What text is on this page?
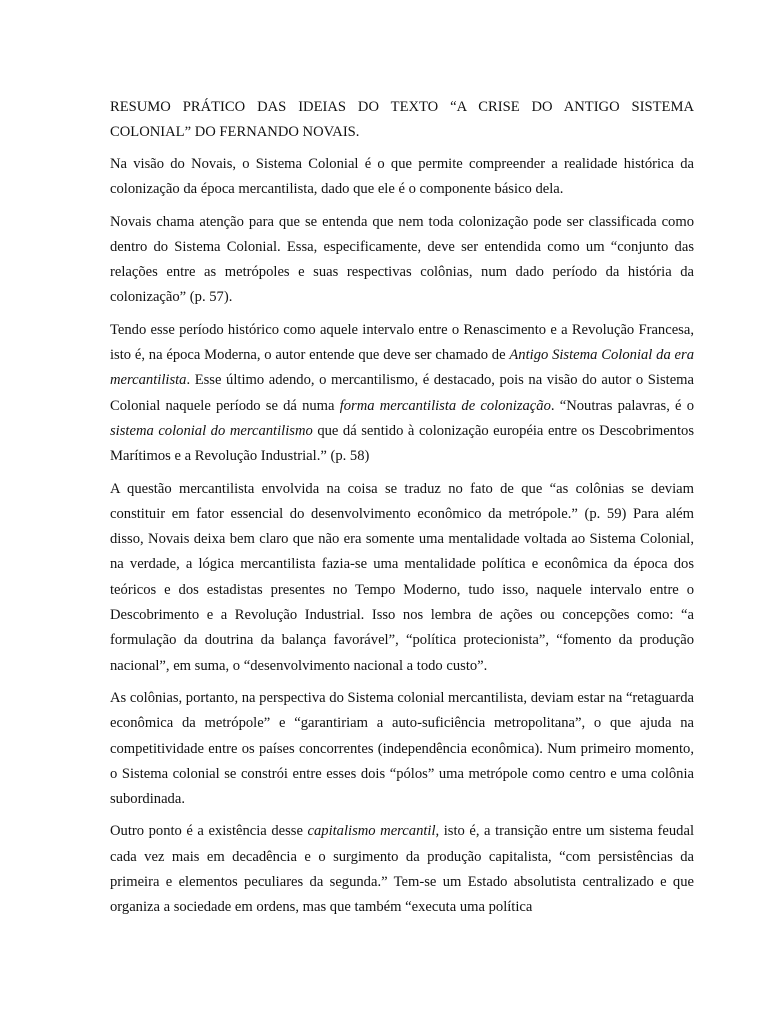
RESUMO PRÁTICO DAS IDEIAS DO TEXTO “A CRISE DO ANTIGO SISTEMA COLONIAL” DO FERNANDO NOVAIS.

Na visão do Novais, o Sistema Colonial é o que permite compreender a realidade histórica da colonização da época mercantilista, dado que ele é o componente básico dela.

Novais chama atenção para que se entenda que nem toda colonização pode ser classificada como dentro do Sistema Colonial. Essa, especificamente, deve ser entendida como um “conjunto das relações entre as metrópoles e suas respectivas colônias, num dado período da história da colonização” (p. 57).

Tendo esse período histórico como aquele intervalo entre o Renascimento e a Revolução Francesa, isto é, na época Moderna, o autor entende que deve ser chamado de Antigo Sistema Colonial da era mercantilista. Esse último adendo, o mercantilismo, é destacado, pois na visão do autor o Sistema Colonial naquele período se dá numa forma mercantilista de colonização. “Noutras palavras, é o sistema colonial do mercantilismo que dá sentido à colonização européia entre os Descobrimentos Marítimos e a Revolução Industrial.” (p. 58)

A questão mercantilista envolvida na coisa se traduz no fato de que “as colônias se deviam constituir em fator essencial do desenvolvimento econômico da metrópole.” (p. 59) Para além disso, Novais deixa bem claro que não era somente uma mentalidade voltada ao Sistema Colonial, na verdade, a lógica mercantilista fazia-se uma mentalidade política e econômica da época dos teóricos e dos estadistas presentes no Tempo Moderno, tudo isso, naquele intervalo entre o Descobrimento e a Revolução Industrial. Isso nos lembra de ações ou concepções como: “a formulação da doutrina da balança favorável”, “política protecionista”, “fomento da produção nacional”, em suma, o “desenvolvimento nacional a todo custo”.

As colônias, portanto, na perspectiva do Sistema colonial mercantilista, deviam estar na “retaguarda econômica da metrópole” e “garantiriam a auto-suficiência metropolitana”, o que ajuda na competitividade entre os países concorrentes (independência econômica). Num primeiro momento, o Sistema colonial se constrói entre esses dois “pólos” uma metrópole como centro e uma colônia subordinada.

Outro ponto é a existência desse capitalismo mercantil, isto é, a transição entre um sistema feudal cada vez mais em decadência e o surgimento da produção capitalista, “com persistências da primeira e elementos peculiares da segunda.” Tem-se um Estado absolutista centralizado e que organiza a sociedade em ordens, mas que também “executa uma política
